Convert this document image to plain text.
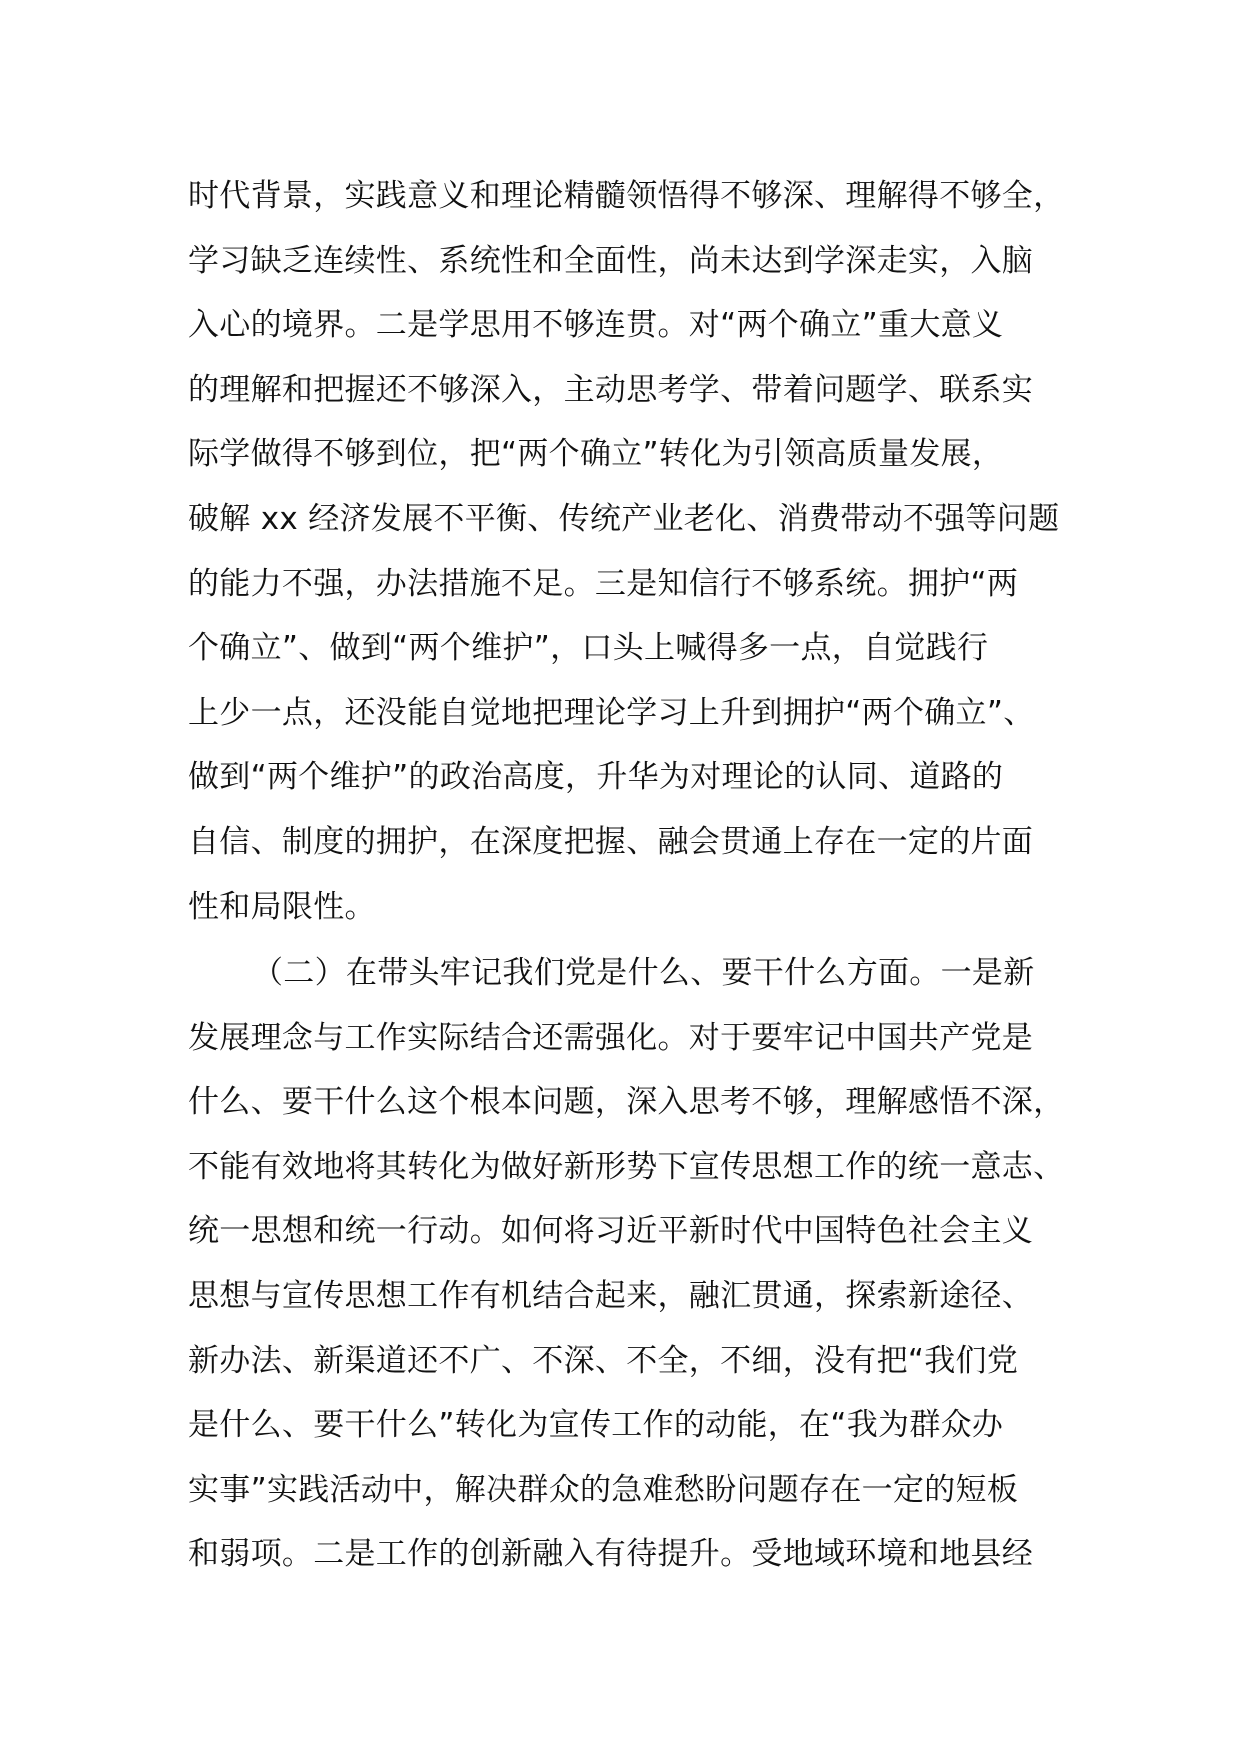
时代背景，实践意义和理论精髓领悟得不够深、理解得不够全，
学习缺乏连续性、系统性和全面性，尚未达到学深走实，入脑
入心的境界。二是学思用不够连贯。对“两个确立”重大意义
的理解和把握还不够深入，主动思考学、带着问题学、联系实
际学做得不够到位，把“两个确立”转化为引领高质量发展，
破解 xx 经济发展不平衡、传统产业老化、消费带动不强等问题
的能力不强，办法措施不足。三是知信行不够系统。拥护“两
个确立”、做到“两个维护”，口头上喊得多一点，自觉践行
上少一点，还没能自觉地把理论学习上升到拥护“两个确立”、
做到“两个维护”的政治高度，升华为对理论的认同、道路的
自信、制度的拥护，在深度把握、融会贯通上存在一定的片面
性和局限性。
（二）在带头牢记我们党是什么、要干什么方面。一是新
发展理念与工作实际结合还需强化。对于要牢记中国共产党是
什么、要干什么这个根本问题，深入思考不够，理解感悟不深，
不能有效地将其转化为做好新形势下宣传思想工作的统一意志、
统一思想和统一行动。如何将习近平新时代中国特色社会主义
思想与宣传思想工作有机结合起来，融汇贯通，探索新途径、
新办法、新渠道还不广、不深、不全，不细，没有把“我们党
是什么、要干什么”转化为宣传工作的动能，在“我为群众办
实事”实践活动中，解决群众的急难愁盼问题存在一定的短板
和弱项。二是工作的创新融入有待提升。受地域环境和地县经
